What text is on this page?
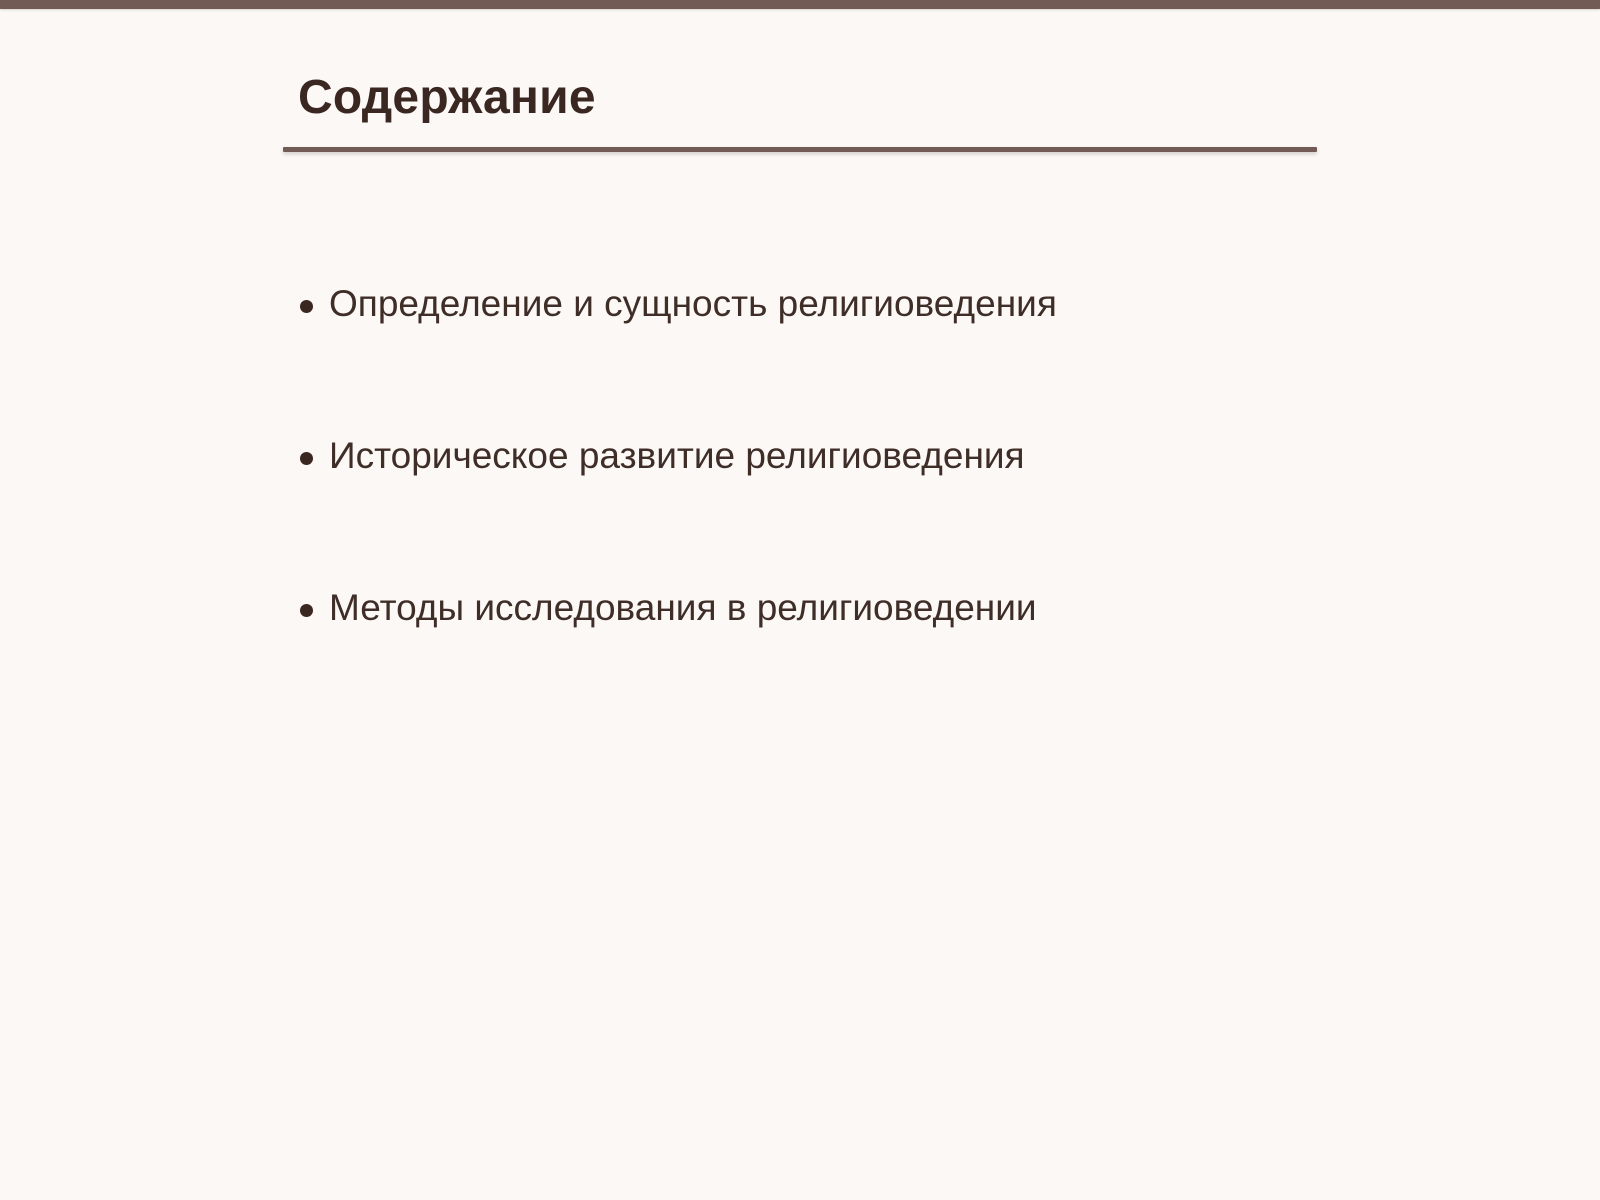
Содержание
Определение и сущность религиоведения
Историческое развитие религиоведения
Методы исследования в религиоведении
